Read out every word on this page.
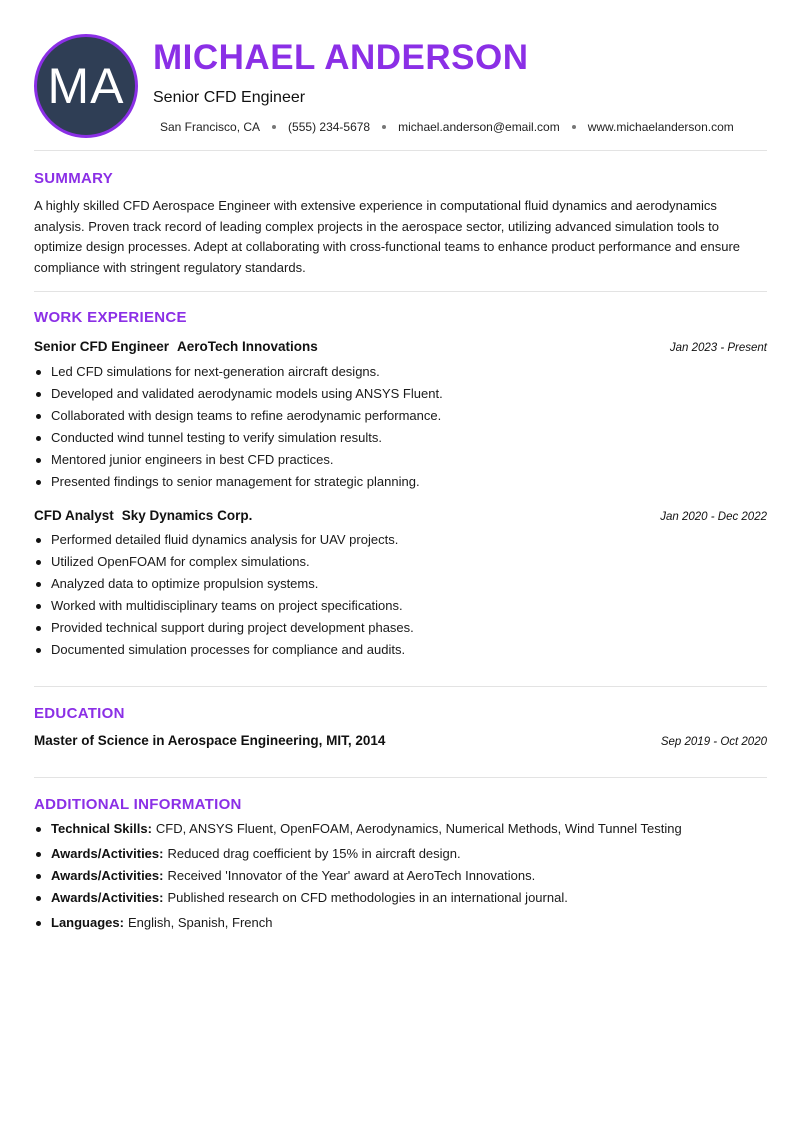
MA
MICHAEL ANDERSON
Senior CFD Engineer
San Francisco, CA (555) 234-5678 michael.anderson@email.com www.michaelanderson.com
SUMMARY
A highly skilled CFD Aerospace Engineer with extensive experience in computational fluid dynamics and aerodynamics analysis. Proven track record of leading complex projects in the aerospace sector, utilizing advanced simulation tools to optimize design processes. Adept at collaborating with cross-functional teams to enhance product performance and ensure compliance with stringent regulatory standards.
WORK EXPERIENCE
Senior CFD Engineer AeroTech Innovations	Jan 2023 - Present
Led CFD simulations for next-generation aircraft designs.
Developed and validated aerodynamic models using ANSYS Fluent.
Collaborated with design teams to refine aerodynamic performance.
Conducted wind tunnel testing to verify simulation results.
Mentored junior engineers in best CFD practices.
Presented findings to senior management for strategic planning.
CFD Analyst Sky Dynamics Corp.	Jan 2020 - Dec 2022
Performed detailed fluid dynamics analysis for UAV projects.
Utilized OpenFOAM for complex simulations.
Analyzed data to optimize propulsion systems.
Worked with multidisciplinary teams on project specifications.
Provided technical support during project development phases.
Documented simulation processes for compliance and audits.
EDUCATION
Master of Science in Aerospace Engineering, MIT, 2014	Sep 2019 - Oct 2020
ADDITIONAL INFORMATION
Technical Skills: CFD, ANSYS Fluent, OpenFOAM, Aerodynamics, Numerical Methods, Wind Tunnel Testing
Awards/Activities: Reduced drag coefficient by 15% in aircraft design.
Awards/Activities: Received 'Innovator of the Year' award at AeroTech Innovations.
Awards/Activities: Published research on CFD methodologies in an international journal.
Languages: English, Spanish, French
